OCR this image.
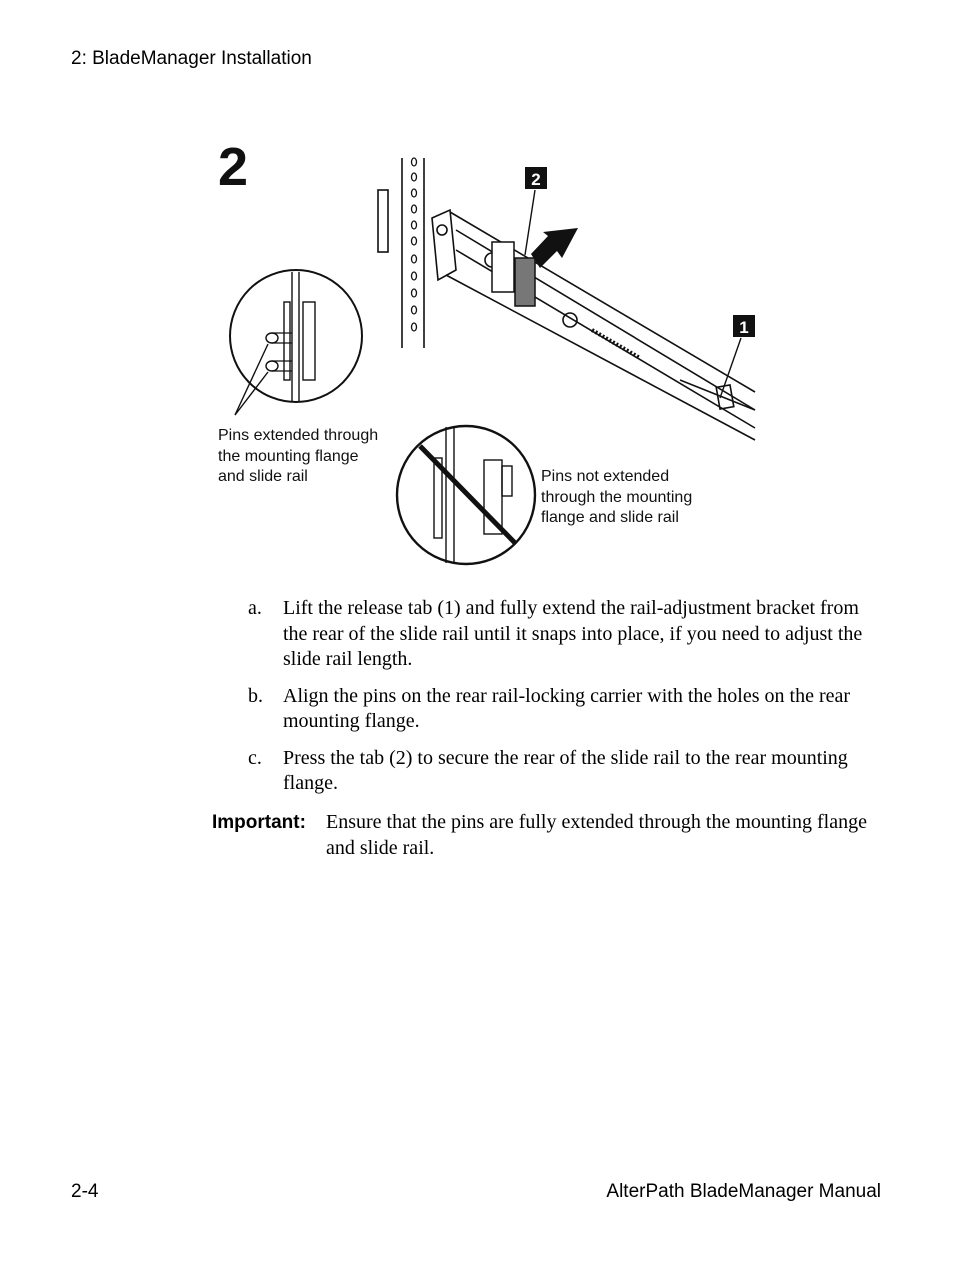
2: BladeManager Installation
2	2
1
Pins extended through
the mounting flange
and slide rail	Pins not extended
through the mounting
flange and slide rail
a. Lift the release tab (1) and fully extend the rail-adjustment bracket from the rear of the slide rail until it snaps into place, if you need to adjust the slide rail length.
b. Align the pins on the rear rail-locking carrier with the holes on the rear mounting flange.
c. Press the tab (2) to secure the rear of the slide rail to the rear mounting flange.
Important: Ensure that the pins are fully extended through the mounting flange and slide rail.
2-4	AlterPath BladeManager Manual
